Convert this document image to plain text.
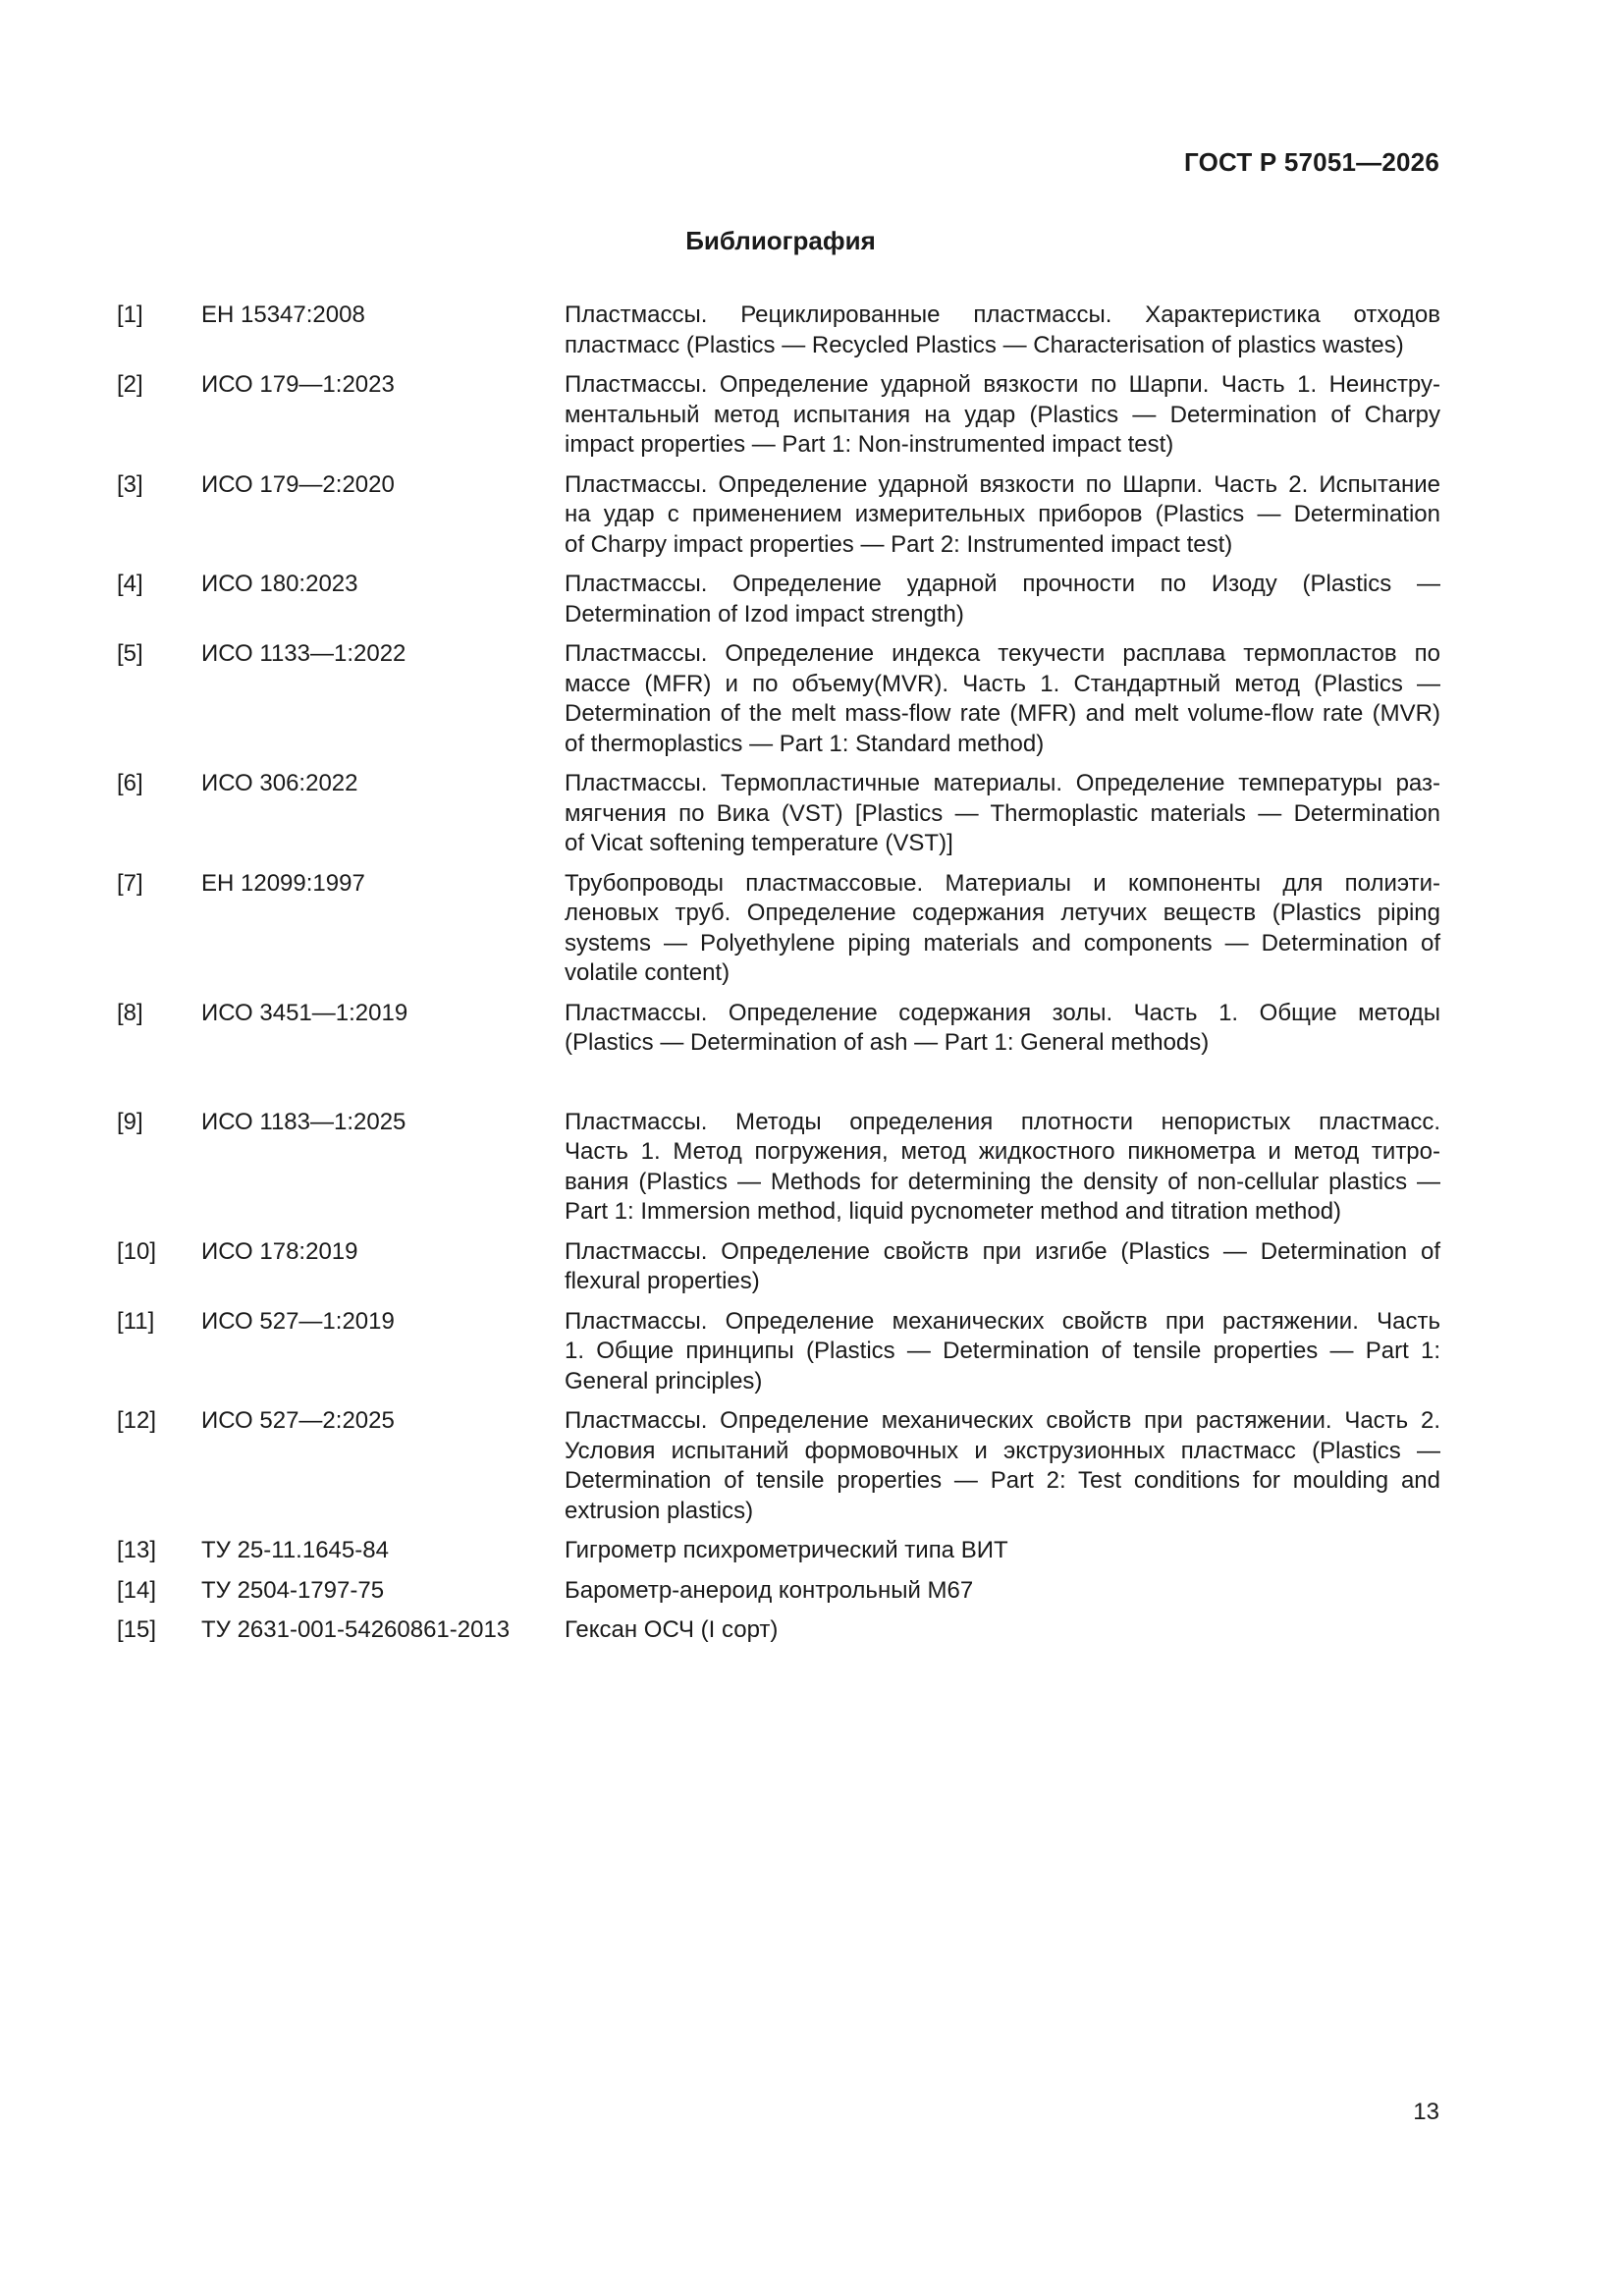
ГОСТ Р 57051—2026
Библиография
[1]	ЕН 15347:2008	Пластмассы. Рециклированные пластмассы. Характеристика отходов
пластмасс (Plastics — Recycled Plastics — Characterisation of plastics wastes)
[2]	ИСО 179—1:2023	Пластмассы. Определение ударной вязкости по Шарпи. Часть 1. Неинстру-
ментальный метод испытания на удар (Plastics — Determination of Charpy
impact properties — Part 1: Non-instrumented impact test)
[3]	ИСО 179—2:2020	Пластмассы. Определение ударной вязкости по Шарпи. Часть 2. Испытание
на удар с применением измерительных приборов (Plastics — Determination
of Charpy impact properties — Part 2: Instrumented impact test)
[4]	ИСО 180:2023	Пластмассы. Определение ударной прочности по Изоду (Plastics —
Determination of Izod impact strength)
[5]	ИСО 1133—1:2022	Пластмассы. Определение индекса текучести расплава термопластов по
массе (MFR) и по объему(MVR). Часть 1. Стандартный метод (Plastics —
Determination of the melt mass-flow rate (MFR) and melt volume-flow rate (MVR)
of thermoplastics — Part 1: Standard method)
[6]	ИСО 306:2022	Пластмассы. Термопластичные материалы. Определение температуры раз-
мягчения по Вика (VST) [Plastics — Thermoplastic materials — Determination
of Vicat softening temperature (VST)]
[7]	ЕН 12099:1997	Трубопроводы пластмассовые. Материалы и компоненты для полиэти-
леновых труб. Определение содержания летучих веществ (Plastics piping
systems — Polyethylene piping materials and components — Determination of
volatile content)
[8]	ИСО 3451—1:2019	Пластмассы. Определение содержания золы. Часть 1. Общие методы
(Plastics — Determination of ash — Part 1: General methods)
[9]	ИСО 1183—1:2025	Пластмассы. Методы определения плотности непористых пластмасс.
Часть 1. Метод погружения, метод жидкостного пикнометра и метод титро-
вания (Plastics — Methods for determining the density of non-cellular plastics —
Part 1: Immersion method, liquid pycnometer method and titration method)
[10]	ИСО 178:2019	Пластмассы. Определение свойств при изгибе (Plastics — Determination of
flexural properties)
[11]	ИСО 527—1:2019	Пластмассы. Определение механических свойств при растяжении. Часть
1. Общие принципы (Plastics — Determination of tensile properties — Part 1:
General principles)
[12]	ИСО 527—2:2025	Пластмассы. Определение механических свойств при растяжении. Часть 2.
Условия испытаний формовочных и экструзионных пластмасс (Plastics —
Determination of tensile properties — Part 2: Test conditions for moulding and
extrusion plastics)
[13]	ТУ 25-11.1645-84	Гигрометр психрометрический типа ВИТ
[14]	ТУ 2504-1797-75	Барометр-анероид контрольный М67
[15]	ТУ 2631-001-54260861-2013	Гексан ОСЧ (I сорт)
13
